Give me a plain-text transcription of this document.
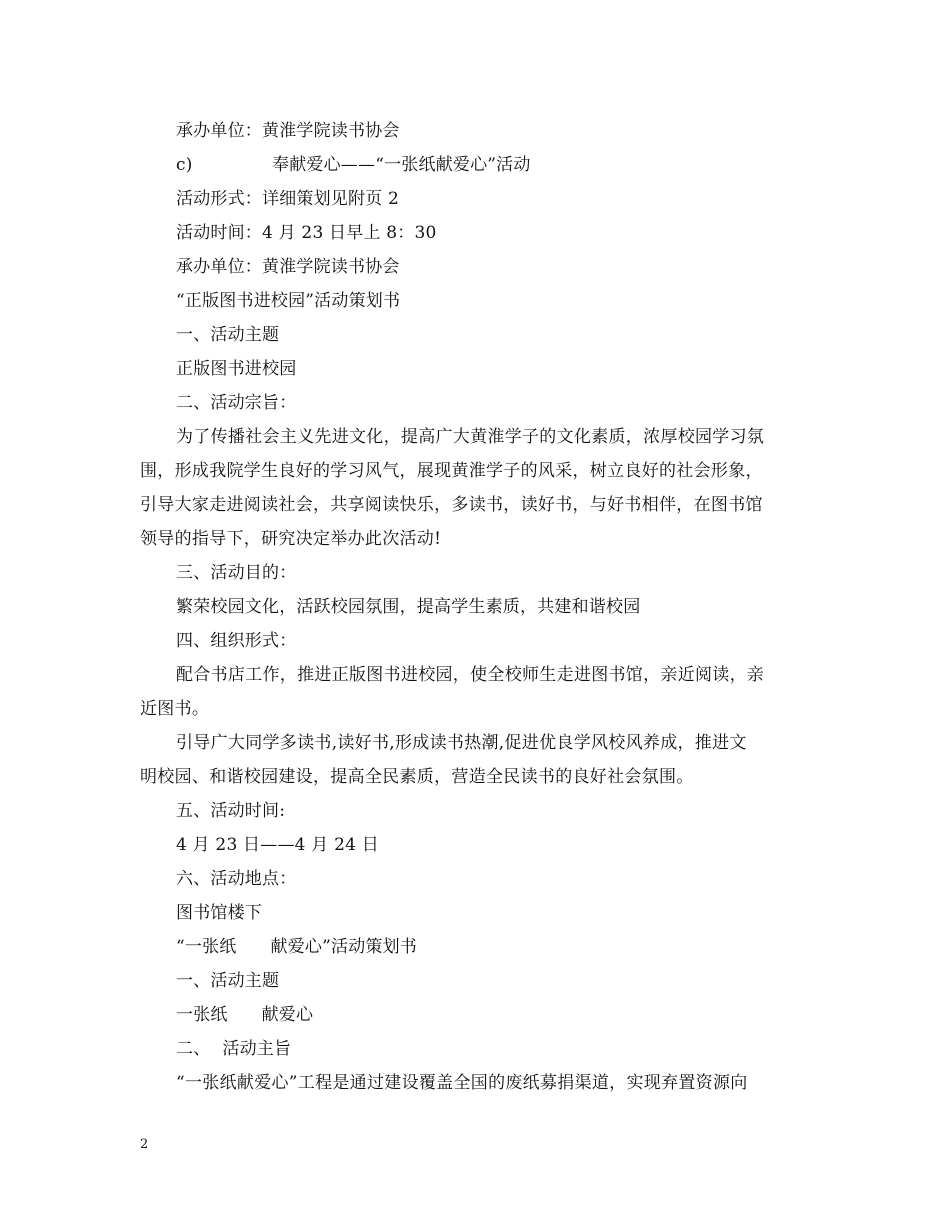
承办单位：黄淮学院读书协会
c)	奉献爱心——“一张纸献爱心”活动
活动形式：详细策划见附页 2
活动时间：4 月 23 日早上 8：30
承办单位：黄淮学院读书协会
“正版图书进校园”活动策划书
一、活动主题
正版图书进校园
二、活动宗旨：
为了传播社会主义先进文化，提高广大黄淮学子的文化素质，浓厚校园学习氛
围，形成我院学生良好的学习风气，展现黄淮学子的风采，树立良好的社会形象，
引导大家走进阅读社会，共享阅读快乐，多读书，读好书，与好书相伴，在图书馆
领导的指导下，研究决定举办此次活动!
三、活动目的：
繁荣校园文化，活跃校园氛围，提高学生素质，共建和谐校园
四、组织形式：
配合书店工作，推进正版图书进校园，使全校师生走进图书馆，亲近阅读，亲
近图书。
引导广大同学多读书,读好书,形成读书热潮,促进优良学风校风养成，推进文
明校园、和谐校园建设，提高全民素质，营造全民读书的良好社会氛围。
五、活动时间:
4 月 23 日——4 月 24 日
六、活动地点：
图书馆楼下
“一张纸 献爱心”活动策划书
一、活动主题
一张纸 献爱心
二、 活动主旨
“一张纸献爱心”工程是通过建设覆盖全国的废纸募捐渠道，实现弃置资源向
2
